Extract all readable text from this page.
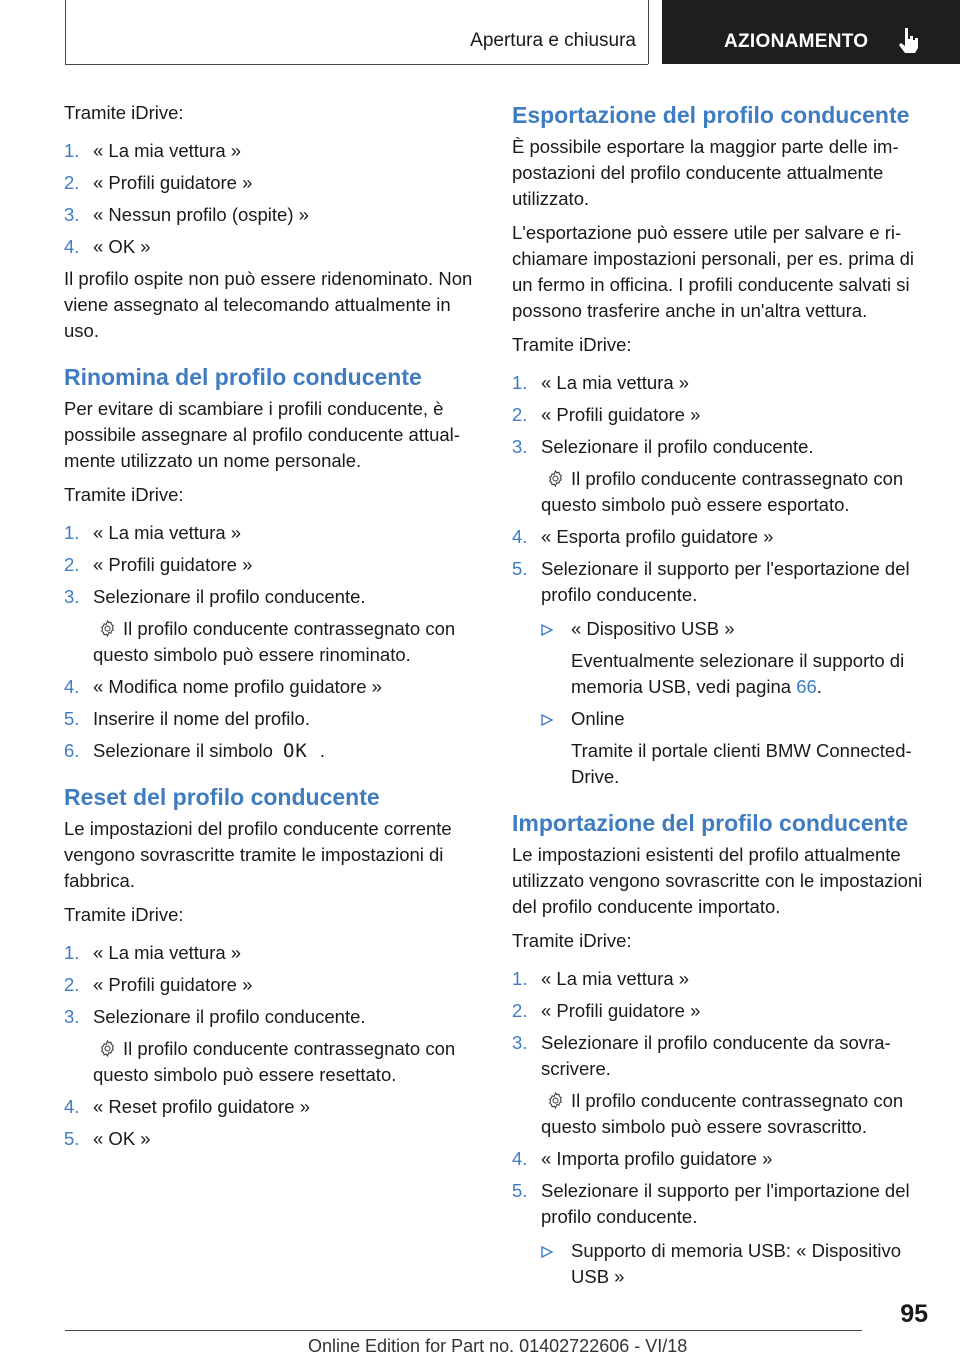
Apertura e chiusura	AZIONAMENTO

Tramite iDrive:

1. « La mia vettura »
2. « Profili guidatore »
3. « Nessun profilo (ospite) »
4. « OK »

Il profilo ospite non può essere ridenominato. Non viene assegnato al telecomando attualmente in uso.

Rinomina del profilo conducente

Per evitare di scambiare i profili conducente, è possibile assegnare al profilo conducente attualmente utilizzato un nome personale.

Tramite iDrive:

1. « La mia vettura »
2. « Profili guidatore »
3. Selezionare il profilo conducente.
Il profilo conducente contrassegnato con questo simbolo può essere rinominato.
4. « Modifica nome profilo guidatore »
5. Inserire il nome del profilo.
6. Selezionare il simbolo OK .
Reset del profilo conducente

Le impostazioni del profilo conducente corrente vengono sovrascritte tramite le impostazioni di fabbrica.

Tramite iDrive:

1. « La mia vettura »
2. « Profili guidatore »
3. Selezionare il profilo conducente.
Il profilo conducente contrassegnato con questo simbolo può essere resettato.
4. « Reset profilo guidatore »
5. « OK »
Esportazione del profilo conducente

È possibile esportare la maggior parte delle impostazioni del profilo conducente attualmente utilizzato.

L'esportazione può essere utile per salvare e richiamare impostazioni personali, per es. prima di un fermo in officina. I profili conducente salvati si possono trasferire anche in un'altra vettura.

Tramite iDrive:

1. « La mia vettura »
2. « Profili guidatore »
3. Selezionare il profilo conducente.
Il profilo conducente contrassegnato con questo simbolo può essere esportato.
4. « Esporta profilo guidatore »
5. Selezionare il supporto per l'esportazione del profilo conducente.
« Dispositivo USB »
Eventualmente selezionare il supporto di memoria USB, vedi pagina 66.
Online
Tramite il portale clienti BMW ConnectedDrive.
Importazione del profilo conducente

Le impostazioni esistenti del profilo attualmente utilizzato vengono sovrascritte con le impostazioni del profilo conducente importato.

Tramite iDrive:

1. « La mia vettura »
2. « Profili guidatore »
3. Selezionare il profilo conducente da sovrascrivere.
Il profilo conducente contrassegnato con questo simbolo può essere sovrascritto.
4. « Importa profilo guidatore »
5. Selezionare il supporto per l'importazione del profilo conducente.
Supporto di memoria USB: « Dispositivo USB »
95
Online Edition for Part no. 01402722606 - VI/18
